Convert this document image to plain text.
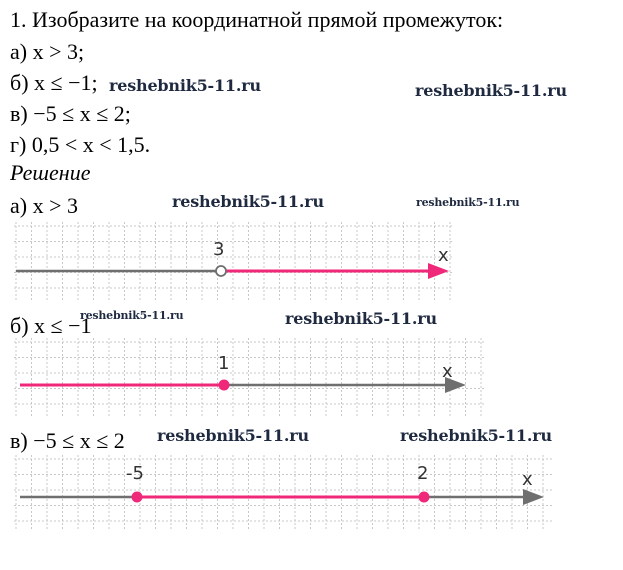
1. Изобразите на координатной прямой промежуток:
а) x > 3;
б) x ≤ −1;
в) −5 ≤ x ≤ 2;
г) 0,5 < x < 1,5.
Решение
а) x > 3
3	x
б) x ≤ −1
1	x
в) −5 ≤ x ≤ 2
-5	2	x
reshebnik5-11.ru	reshebnik5-11.ru
reshebnik5-11.ru	reshebnik5-11.ru
reshebnik5-11.ru	reshebnik5-11.ru
reshebnik5-11.ru	reshebnik5-11.ru
